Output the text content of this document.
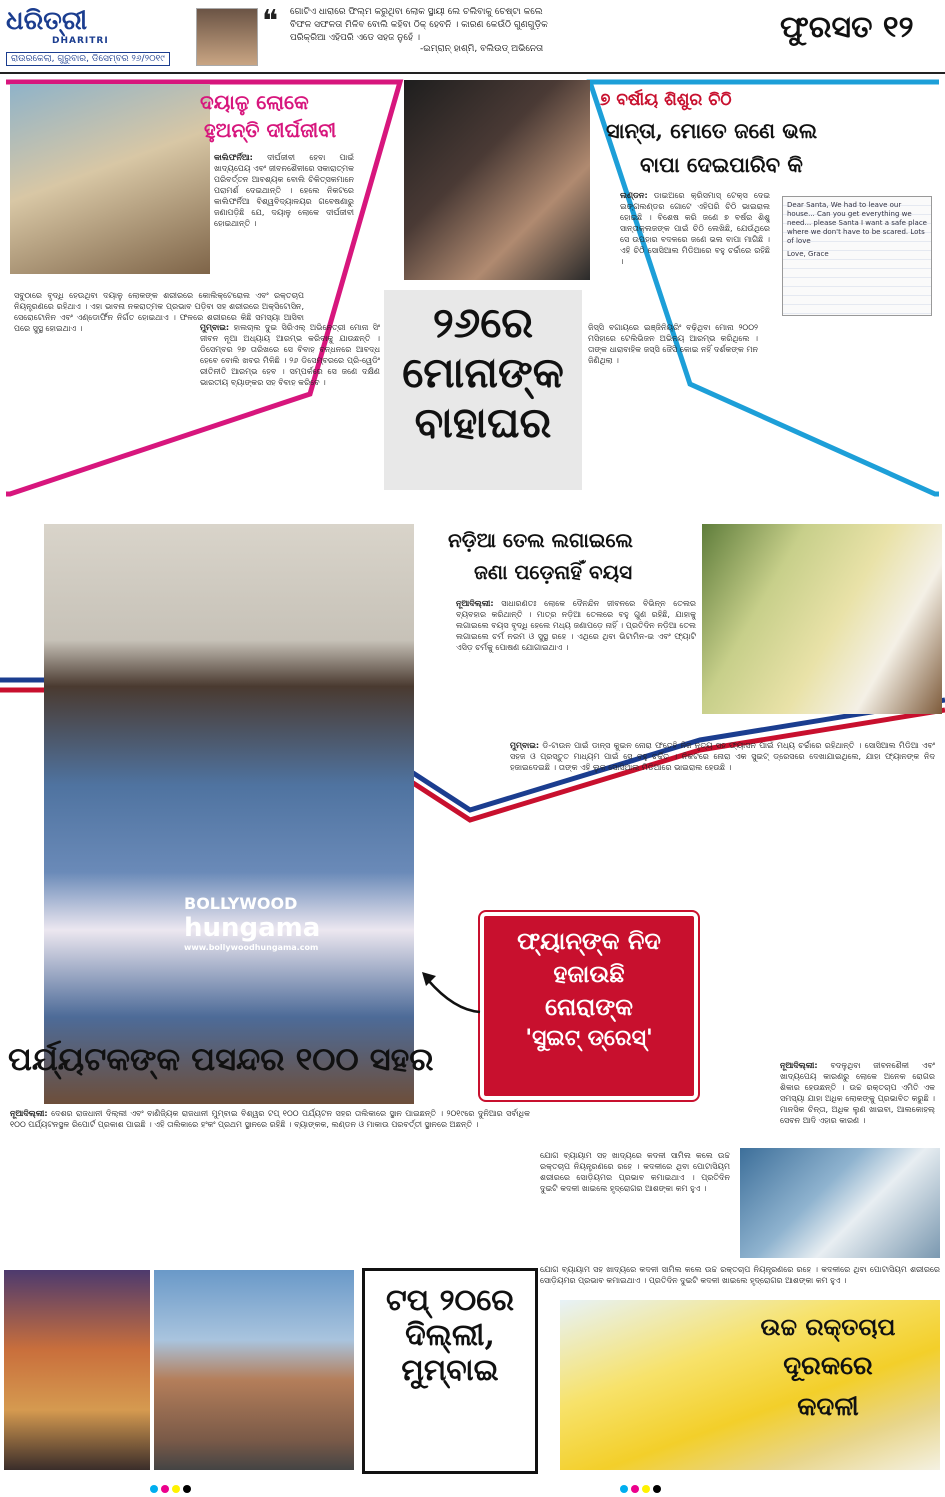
ଧରିତ୍ରୀ
DHARITRI
ରାଉରକେଲା, ଗୁରୁବାର, ଡିସେମ୍ବର ୨୬/୨୦୧୯
❝ ଗୋଟିଏ ଧାରାରେ ଫିଲ୍ମ କରୁଥିବା ଲୋକ ସ୍ଥାୟୀ ଲେ ଚଲିବାକୁ ଚେଷ୍ଟା କଲେ ବିଫଳ ସଫଳତା ମିଳିବ ବୋଲି କହିବା ଠିକ୍ ହେବନି । କାରଣ କେଉଁଠି ଗୁଣଗୁଡ଼ିକ ପରିକ୍ରିଆ ଏହିପରି ଏଡେ ସହଜ ନୁହେଁ ।
-ଇମ୍ରାନ୍ ହାଶ୍ମି, ବଲିଉଡ୍ ଅଭିନେତା
ଫୁରସତ ୧୨
ଦୟାଳୁ ଲୋକେ
ହୁଅନ୍ତି ଦୀର୍ଘଜୀବୀ
କାଲିଫର୍ନିଆ: ଦୀର୍ଘଜୀବୀ ହେବା ପାଇଁ ଖାଦ୍ୟପେୟ ଏବଂ ଜୀବନଶୈଳୀରେ ସକାରାତ୍ମକ ପରିବର୍ତ୍ତନ ଆବଶ୍ୟକ ବୋଲି ଚିକିତ୍ସକମାନେ ପରାମର୍ଶ ଦେଇଥାନ୍ତି । ହେଲେ ନିକଟରେ କାଲିଫର୍ନିଆ ବିଶ୍ୱବିଦ୍ୟାଳୟର ଗବେଷଣାରୁ ଜଣାପଡ଼ିଛି ଯେ, ଦୟାଳୁ ଲୋକେ ଦୀର୍ଘଜୀବୀ ହୋଇଥାନ୍ତି ।
ସବୁଠାରେ ବୃଦ୍ଧି ହେଉଥିବା ଦୟାଳୁ ଲୋକଙ୍କ ଶରୀରରେ କୋଲିକ୍ଟେରୋଲ ଏବଂ ରକ୍ତଚାପ ନିୟନ୍ତ୍ରଣରେ ରହିଥାଏ । ଏହା ଭାବନା ନକରାତ୍ମକ ପ୍ରଭାବ ପଡ଼ିବା ସହ ଶରୀରରେ ଅକ୍ସିଟୋସିନ, ସେରୋଟୋନିନ ଏବଂ ଏଣ୍ଡୋର୍ଫିନ ନିର୍ଗତ ହୋଇଥାଏ । ଫଳରେ ଶରୀରରେ କିଛି ସମସ୍ୟା ଆସିବା ପରେ ସୁସ୍ଥ ହୋଇଥାଏ ।	୨୬ରେ
ମୋନାଙ୍କ
ବାହାଘର
ମୁମ୍ବାଇ: ହାଲଚାଲ ଦୁଇ ସିରିଏଲ୍ ଅଭିନେତ୍ରୀ ମୋନା ସିଂ ଜୀବନ ନୂଆ ଅଧ୍ୟାୟ ଆରମ୍ଭ କରିବାକୁ ଯାଉଛନ୍ତି । ଡିସେମ୍ବର ୨୭ ତାରିଖରେ ସେ ବିବାହ ବନ୍ଧନରେ ଆବଦ୍ଧ ହେବେ ବୋଲି ଖବର ମିଳିଛି । ୨୬ ଡିସେମ୍ବରରେ ପ୍ରି-ୱେଡିଂ ରୀତିନୀତି ଆରମ୍ଭ ହେବ । ସମ୍ପର୍କରେ ସେ ଜଣେ ଦକ୍ଷିଣ ଭାରତୀୟ ବ୍ୟାଙ୍କର ସହ ବିବାହ କରିବେ ।
ଜିସ୍ସି ବଗାୟରେ ଇଞ୍ଜିନିୟରିଂ ବଢ଼ିଥିବା ମୋନା ୨୦୦୨ ମସିହାରେ ଟେଲିଭିଜନ ଅଭିନୟ ଆରମ୍ଭ କରିଥିଲେ । ତାଙ୍କ ଧାରାବାହିକ ଜସ୍ସି ଜୈସି କୋଇ ନହିଁ ଦର୍ଶକଙ୍କ ମନ ଜିଣିଥିଲା ।
୭ ବର୍ଷୀୟ ଶିଶୁର ଚିଠି
ସାନ୍ତା, ମୋତେ ଜଣେ ଭଲ
ବାପା ଦେଇପାରିବ କି
ଲଣ୍ଡନ: ଡାଇଅରେ କ୍ରିସମାସ୍ ଟେକ୍ସ ଦେଇ ଇଙ୍ଗଲଣ୍ଡର ଗୋଟେ ଏହିପରି ଚିଠି ଭାଇରାଲ ହୋଇଛି । ବିଶେଷ କରି ଜଣେ ୭ ବର୍ଷର ଶିଶୁ ସାନ୍ତାକ୍ଲଜଙ୍କ ପାଇଁ ଚିଠି ଲେଖିଛି, ଯେଉଁଥିରେ ସେ ଉପହାର ବଦଳରେ ଜଣେ ଭଲ ବାପା ମାଗିଛି । ଏହି ଚିଠି ସୋସିଆଲ ମିଡିଆରେ ବହୁ ଚର୍ଚ୍ଚାରେ ରହିଛି ।
Dear Santa, We had to leave our house... Can you get everything we need... please Santa I want a safe place where we don't have to be scared. Lots of love
Love, Grace
BOLLYWOOD
hungama
www.bollywoodhungama.com
ନଡ଼ିଆ ତେଲ ଲଗାଇଲେ
ଜଣା ପଡ଼େନାହିଁ ବୟସ
ନୂଆଦିଲ୍ଲୀ: ସାଧାରଣତଃ ଲୋକେ ଦୈନନ୍ଦିନ ଜୀବନରେ ବିଭିନ୍ନ ତେଲର ବ୍ୟବହାର କରିଥାନ୍ତି । ମାତ୍ର ନଡ଼ିଆ ତେଲରେ ବହୁ ଗୁଣ ରହିଛି, ଯାହାକୁ ଲଗାଇଲେ ବୟସ ବୃଦ୍ଧି ହେଲେ ମଧ୍ୟ ଜଣାପଡ଼େ ନାହିଁ । ପ୍ରତିଦିନ ନଡ଼ିଆ ତେଲ ଲଗାଇଲେ ଚର୍ମ ନରମ ଓ ସୁସ୍ଥ ରହେ । ଏଥିରେ ଥିବା ଭିଟାମିନ-ଇ ଏବଂ ଫ୍ୟାଟି ଏସିଡ଼ ଚର୍ମକୁ ପୋଷଣ ଯୋଗାଇଥାଏ ।
ମୁମ୍ବାଇ: ଡି-ଟାଉନ ପାଇଁ ଡାନ୍ସ କୁଇନ ନୋରା ଫତେହି ନିଜ ନୃତ୍ୟ ସହ ଫ୍ୟାସନ ପାଇଁ ମଧ୍ୟ ଚର୍ଚ୍ଚାରେ ରହିଥାନ୍ତି । ସୋସିଆଲ ମିଡିଆ ଏବଂ ସହଜ ଓ ପ୍ରସ୍ତୁତ ମାଧ୍ୟମ ପାଇଁ ସେ ବହୁ ଚର୍ଚ୍ଚିତ । ନିକଟରେ ନୋରା ଏକ ସୁଇଟ୍ ଡ୍ରେସରେ ଦେଖାଯାଇଥିଲେ, ଯାହା ଫ୍ୟାନଙ୍କ ନିଦ ହଜାଇଦେଇଛି । ତାଙ୍କ ଏହି ଲୁକ ସୋସିଆଲ ମିଡିଆରେ ଭାଇରାଲ ହେଉଛି ।
ଫ୍ୟାନ୍‌ଙ୍କ ନିଦ
ହଜାଉଛି
ନୋରାଙ୍କ
'ସୁଇଟ୍ ଡ୍ରେସ୍'
ପର୍ଯ୍ୟଟକଙ୍କ ପସନ୍ଦର ୧୦୦ ସହର
ନୂଆଦିଲ୍ଲୀ: ଦେଶର ରାଜଧାନୀ ଦିଲ୍ଲୀ ଏବଂ ବାଣିଜ୍ୟିକ ରାଜଧାନୀ ମୁମ୍ବାଇ ବିଶ୍ୱର ଟପ୍ ୧୦୦ ପର୍ଯ୍ୟଟନ ସହର ତାଲିକାରେ ସ୍ଥାନ ପାଇଛନ୍ତି । ୨୦୧୯ରେ ଦୁନିଆର ସର୍ବାଧିକ ୧୦୦ ପର୍ଯ୍ୟଟନସ୍ଥଳ ରିପୋର୍ଟ ପ୍ରକାଶ ପାଇଛି । ଏହି ତାଲିକାରେ ହଂକଂ ପ୍ରଥମ ସ୍ଥାନରେ ରହିଛି । ବ୍ୟାଙ୍କକ, ଲଣ୍ଡନ ଓ ମାକାଉ ପରବର୍ତ୍ତୀ ସ୍ଥାନରେ ଅଛନ୍ତି ।
ଟପ୍ ୨୦ରେ
ଦିଲ୍ଲୀ,
ମୁମ୍ବାଇ
ନୂଆଦିଲ୍ଲୀ: ବଦଳୁଥିବା ଜୀବନଶୈଳୀ ଏବଂ ଖାଦ୍ୟପେୟ କାରଣରୁ ଲୋକେ ଅନେକ ରୋଗର ଶିକାର ହେଉଛନ୍ତି । ଉଚ୍ଚ ରକ୍ତଚାପ ଏମିତି ଏକ ସମସ୍ୟା ଯାହା ଅଧିକ ଲୋକଙ୍କୁ ପ୍ରଭାବିତ କରୁଛି । ମାନସିକ ଚିନ୍ତା, ଅଧିକ ଲୁଣ ଖାଇବା, ଆଲକୋହଲ୍ ସେବନ ଆଦି ଏହାର କାରଣ ।
ଯୋଗ ବ୍ୟାୟାମ ସହ ଖାଦ୍ୟରେ କଦଳୀ ସାମିଲ କଲେ ଉଚ୍ଚ ରକ୍ତଚାପ ନିୟନ୍ତ୍ରଣରେ ରହେ । କଦଳୀରେ ଥିବା ପୋଟାସିୟମ ଶରୀରରେ ସୋଡ଼ିୟମର ପ୍ରଭାବ କମାଇଥାଏ । ପ୍ରତିଦିନ ଦୁଇଟି କଦଳୀ ଖାଇଲେ ହୃଦ୍‌ରୋଗର ଆଶଙ୍କା କମ ହୁଏ ।
ଯୋଗ ବ୍ୟାୟାମ ସହ ଖାଦ୍ୟରେ କଦଳୀ ସାମିଲ କଲେ ଉଚ୍ଚ ରକ୍ତଚାପ ନିୟନ୍ତ୍ରଣରେ ରହେ । କଦଳୀରେ ଥିବା ପୋଟାସିୟମ ଶରୀରରେ ସୋଡ଼ିୟମର ପ୍ରଭାବ କମାଇଥାଏ । ପ୍ରତିଦିନ ଦୁଇଟି କଦଳୀ ଖାଇଲେ ହୃଦ୍‌ରୋଗର ଆଶଙ୍କା କମ ହୁଏ ।
ଉଚ୍ଚ ରକ୍ତଚାପ
ଦୂରକରେ
କଦଳୀ
